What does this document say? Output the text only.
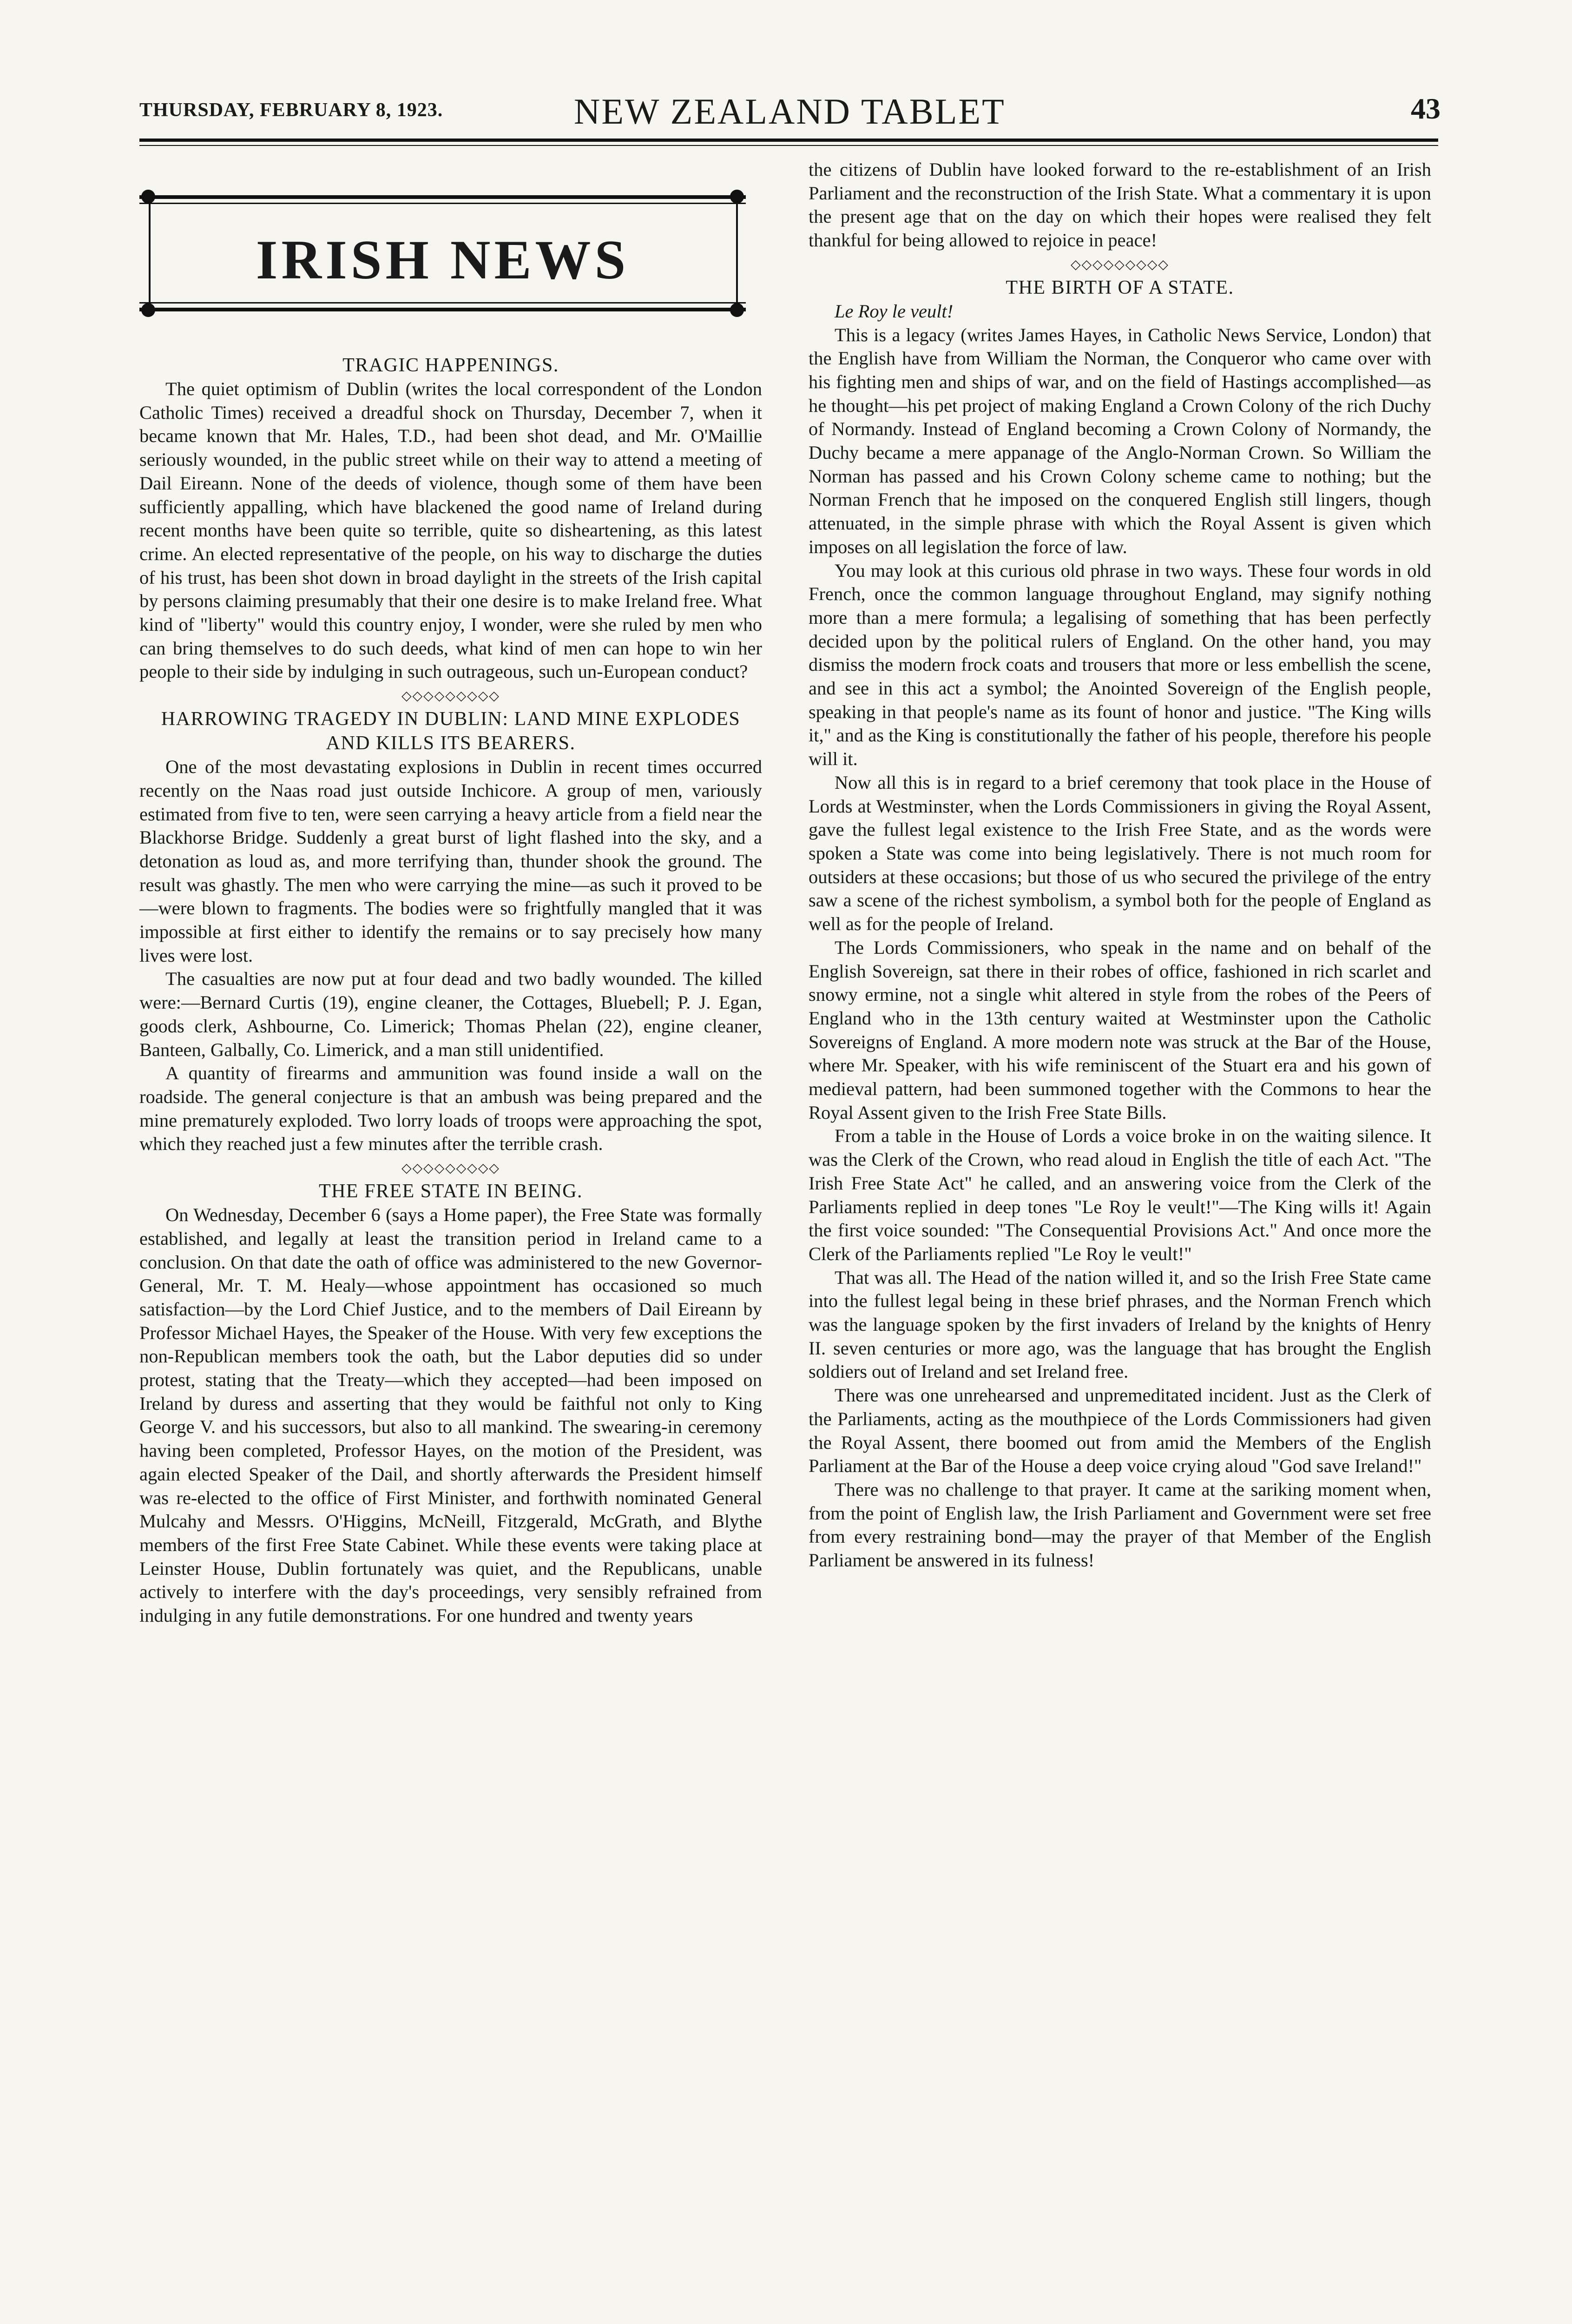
THURSDAY, FEBRUARY 8, 1923.	NEW ZEALAND TABLET	43
IRISH NEWS
TRAGIC HAPPENINGS.

The quiet optimism of Dublin (writes the local correspondent of the London Catholic Times) received a dreadful shock on Thursday, December 7, when it became known that Mr. Hales, T.D., had been shot dead, and Mr. O'Maillie seriously wounded, in the public street while on their way to attend a meeting of Dail Eireann. None of the deeds of violence, though some of them have been sufficiently appalling, which have blackened the good name of Ireland during recent months have been quite so terrible, quite so disheartening, as this latest crime. An elected representative of the people, on his way to discharge the duties of his trust, has been shot down in broad daylight in the streets of the Irish capital by persons claiming presumably that their one desire is to make Ireland free. What kind of "liberty" would this country enjoy, I wonder, were she ruled by men who can bring themselves to do such deeds, what kind of men can hope to win her people to their side by indulging in such outrageous, such un-European conduct?

◇◇◇◇◇◇◇◇◇
HARROWING TRAGEDY IN DUBLIN: LAND MINE EXPLODES AND KILLS ITS BEARERS.

One of the most devastating explosions in Dublin in recent times occurred recently on the Naas road just outside Inchicore. A group of men, variously estimated from five to ten, were seen carrying a heavy article from a field near the Blackhorse Bridge. Suddenly a great burst of light flashed into the sky, and a detonation as loud as, and more terrifying than, thunder shook the ground. The result was ghastly. The men who were carrying the mine—as such it proved to be—were blown to fragments. The bodies were so frightfully mangled that it was impossible at first either to identify the remains or to say precisely how many lives were lost.

The casualties are now put at four dead and two badly wounded. The killed were:—Bernard Curtis (19), engine cleaner, the Cottages, Bluebell; P. J. Egan, goods clerk, Ashbourne, Co. Limerick; Thomas Phelan (22), engine cleaner, Banteen, Galbally, Co. Limerick, and a man still unidentified.

A quantity of firearms and ammunition was found inside a wall on the roadside. The general conjecture is that an ambush was being prepared and the mine prematurely exploded. Two lorry loads of troops were approaching the spot, which they reached just a few minutes after the terrible crash.

◇◇◇◇◇◇◇◇◇
THE FREE STATE IN BEING.

On Wednesday, December 6 (says a Home paper), the Free State was formally established, and legally at least the transition period in Ireland came to a conclusion. On that date the oath of office was administered to the new Governor-General, Mr. T. M. Healy—whose appointment has occasioned so much satisfaction—by the Lord Chief Justice, and to the members of Dail Eireann by Professor Michael Hayes, the Speaker of the House. With very few exceptions the non-Republican members took the oath, but the Labor deputies did so under protest, stating that the Treaty—which they accepted—had been imposed on Ireland by duress and asserting that they would be faithful not only to King George V. and his successors, but also to all mankind. The swearing-in ceremony having been completed, Professor Hayes, on the motion of the President, was again elected Speaker of the Dail, and shortly afterwards the President himself was re-elected to the office of First Minister, and forthwith nominated General Mulcahy and Messrs. O'Higgins, McNeill, Fitzgerald, McGrath, and Blythe members of the first Free State Cabinet. While these events were taking place at Leinster House, Dublin fortunately was quiet, and the Republicans, unable actively to interfere with the day's proceedings, very sensibly refrained from indulging in any futile demonstrations. For one hundred and twenty years

the citizens of Dublin have looked forward to the re-establishment of an Irish Parliament and the reconstruction of the Irish State. What a commentary it is upon the present age that on the day on which their hopes were realised they felt thankful for being allowed to rejoice in peace!

◇◇◇◇◇◇◇◇◇
THE BIRTH OF A STATE.

Le Roy le veult!

This is a legacy (writes James Hayes, in Catholic News Service, London) that the English have from William the Norman, the Conqueror who came over with his fighting men and ships of war, and on the field of Hastings accomplished—as he thought—his pet project of making England a Crown Colony of the rich Duchy of Normandy. Instead of England becoming a Crown Colony of Normandy, the Duchy became a mere appanage of the Anglo-Norman Crown. So William the Norman has passed and his Crown Colony scheme came to nothing; but the Norman French that he imposed on the conquered English still lingers, though attenuated, in the simple phrase with which the Royal Assent is given which imposes on all legislation the force of law.

You may look at this curious old phrase in two ways. These four words in old French, once the common language throughout England, may signify nothing more than a mere formula; a legalising of something that has been perfectly decided upon by the political rulers of England. On the other hand, you may dismiss the modern frock coats and trousers that more or less embellish the scene, and see in this act a symbol; the Anointed Sovereign of the English people, speaking in that people's name as its fount of honor and justice. "The King wills it," and as the King is constitutionally the father of his people, therefore his people will it.

Now all this is in regard to a brief ceremony that took place in the House of Lords at Westminster, when the Lords Commissioners in giving the Royal Assent, gave the fullest legal existence to the Irish Free State, and as the words were spoken a State was come into being legislatively. There is not much room for outsiders at these occasions; but those of us who secured the privilege of the entry saw a scene of the richest symbolism, a symbol both for the people of England as well as for the people of Ireland.

The Lords Commissioners, who speak in the name and on behalf of the English Sovereign, sat there in their robes of office, fashioned in rich scarlet and snowy ermine, not a single whit altered in style from the robes of the Peers of England who in the 13th century waited at Westminster upon the Catholic Sovereigns of England. A more modern note was struck at the Bar of the House, where Mr. Speaker, with his wife reminiscent of the Stuart era and his gown of medieval pattern, had been summoned together with the Commons to hear the Royal Assent given to the Irish Free State Bills.

From a table in the House of Lords a voice broke in on the waiting silence. It was the Clerk of the Crown, who read aloud in English the title of each Act. "The Irish Free State Act" he called, and an answering voice from the Clerk of the Parliaments replied in deep tones "Le Roy le veult!"—The King wills it! Again the first voice sounded: "The Consequential Provisions Act." And once more the Clerk of the Parliaments replied "Le Roy le veult!"

That was all. The Head of the nation willed it, and so the Irish Free State came into the fullest legal being in these brief phrases, and the Norman French which was the language spoken by the first invaders of Ireland by the knights of Henry II. seven centuries or more ago, was the language that has brought the English soldiers out of Ireland and set Ireland free.

There was one unrehearsed and unpremeditated incident. Just as the Clerk of the Parliaments, acting as the mouthpiece of the Lords Commissioners had given the Royal Assent, there boomed out from amid the Members of the English Parliament at the Bar of the House a deep voice crying aloud "God save Ireland!"

There was no challenge to that prayer. It came at the sariking moment when, from the point of English law, the Irish Parliament and Government were set free from every restraining bond—may the prayer of that Member of the English Parliament be answered in its fulness!
